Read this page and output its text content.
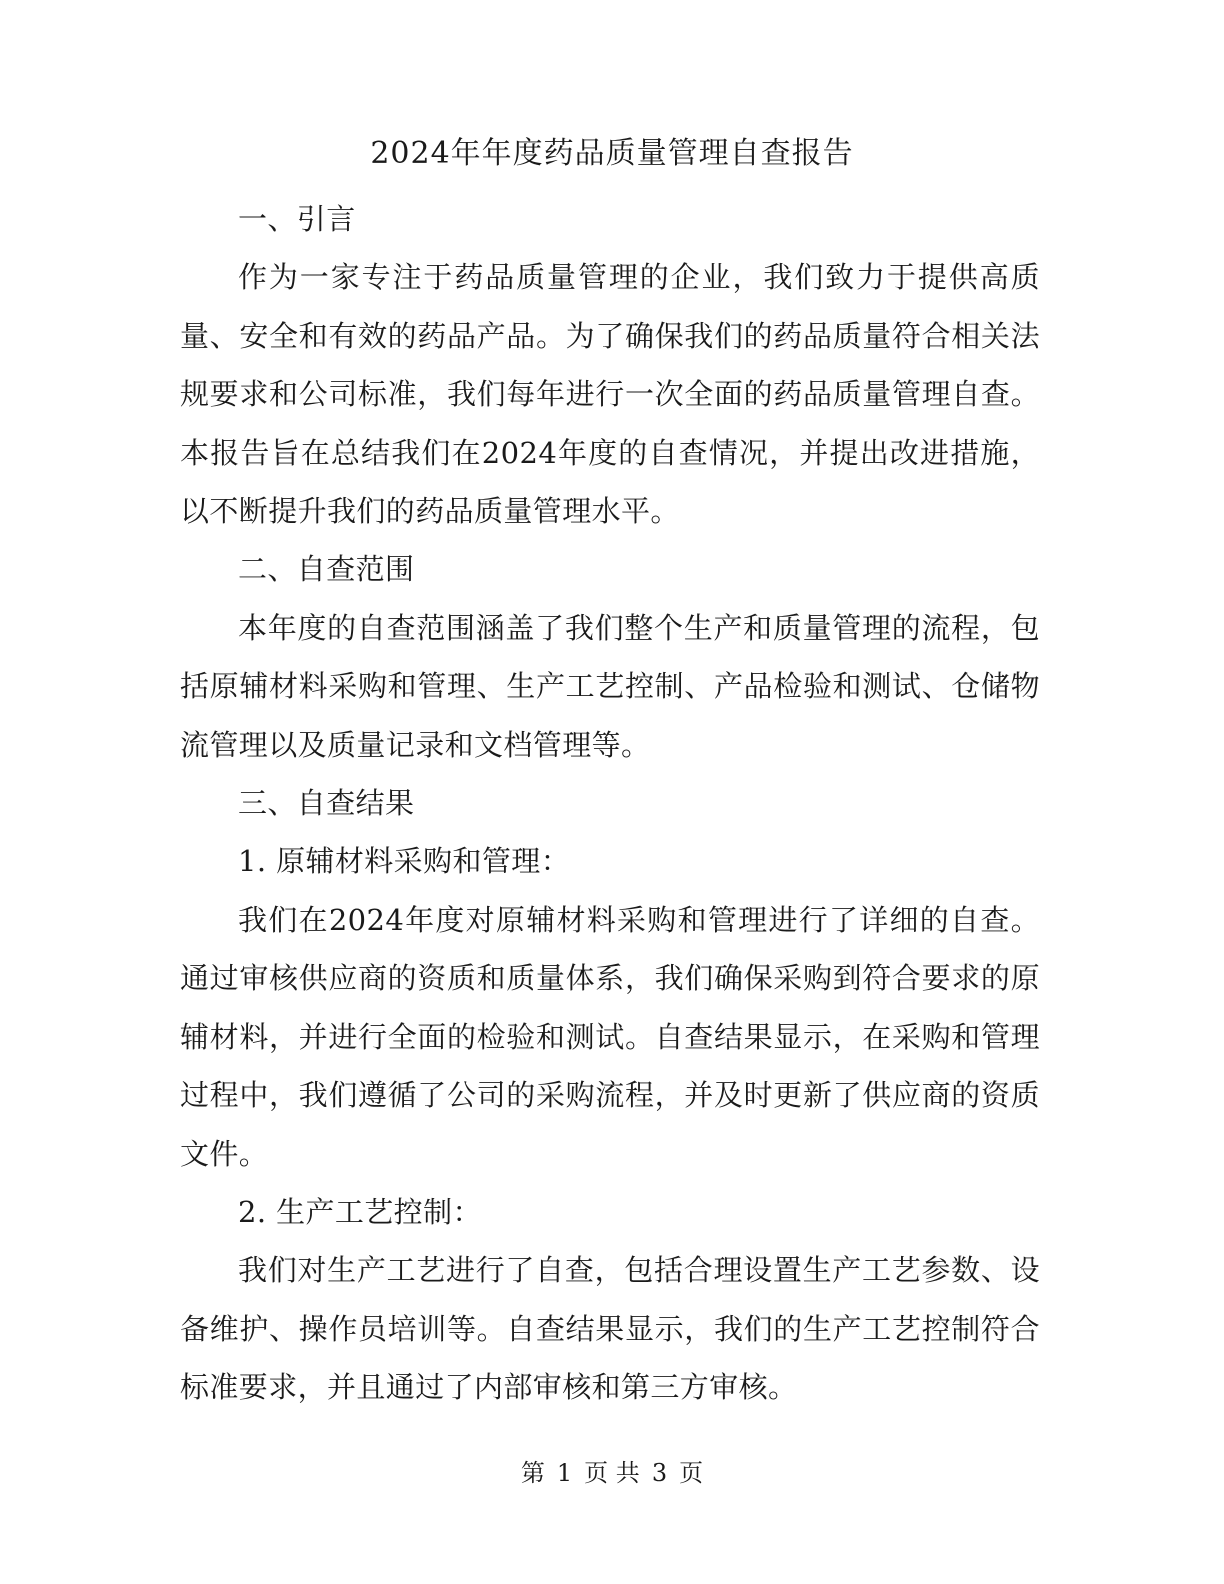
2024年年度药品质量管理自查报告

一、引言

作为一家专注于药品质量管理的企业，我们致力于提供高质量、安全和有效的药品产品。为了确保我们的药品质量符合相关法规要求和公司标准，我们每年进行一次全面的药品质量管理自查。本报告旨在总结我们在2024年度的自查情况，并提出改进措施，以不断提升我们的药品质量管理水平。

二、自查范围

本年度的自查范围涵盖了我们整个生产和质量管理的流程，包括原辅材料采购和管理、生产工艺控制、产品检验和测试、仓储物流管理以及质量记录和文档管理等。

三、自查结果

1. 原辅材料采购和管理：

我们在2024年度对原辅材料采购和管理进行了详细的自查。通过审核供应商的资质和质量体系，我们确保采购到符合要求的原辅材料，并进行全面的检验和测试。自查结果显示，在采购和管理过程中，我们遵循了公司的采购流程，并及时更新了供应商的资质文件。

2. 生产工艺控制：

我们对生产工艺进行了自查，包括合理设置生产工艺参数、设备维护、操作员培训等。自查结果显示，我们的生产工艺控制符合标准要求，并且通过了内部审核和第三方审核。

第 1 页 共 3 页
